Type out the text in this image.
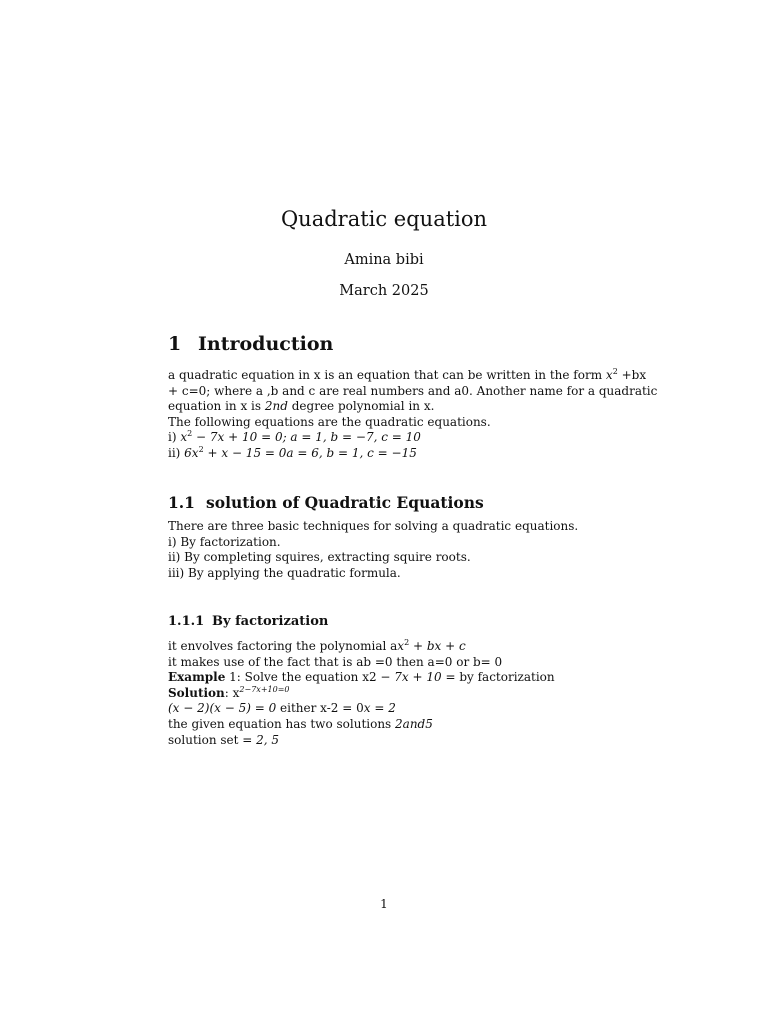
Quadratic equation
Amina bibi
March 2025
1 Introduction
a quadratic equation in x is an equation that can be written in the form $x^2 +bx$
+ c=0; where a ,b and c are real numbers and a0. Another name for a quadratic
equation in x is 2nd degree polynomial in x.
The following equations are the quadratic equations.
i) $x^2 - 7x + 10 = 0$; a = 1, b = −7, c = 10
ii) $6x^2 + x - 15 = 0a = 6$, b = 1, c = −15
1.1 solution of Quadratic Equations
There are three basic techniques for solving a quadratic equations.
i) By factorization.
ii) By completing squires, extracting squire roots.
iii) By applying the quadratic formula.
1.1.1 By factorization
it envolves factoring the polynomial $ax^2$ + bx + c
it makes use of the fact that is ab =0 then a=0 or b= 0
Example 1: Solve the equation x2 − 7x + 10 = by factorization
Solution: $x^{2-7x+10=0}$
(x − 2)(x − 5) = 0 either x-2 = 0x = 2
the given equation has two solutions 2and5
solution set = 2, 5
1
